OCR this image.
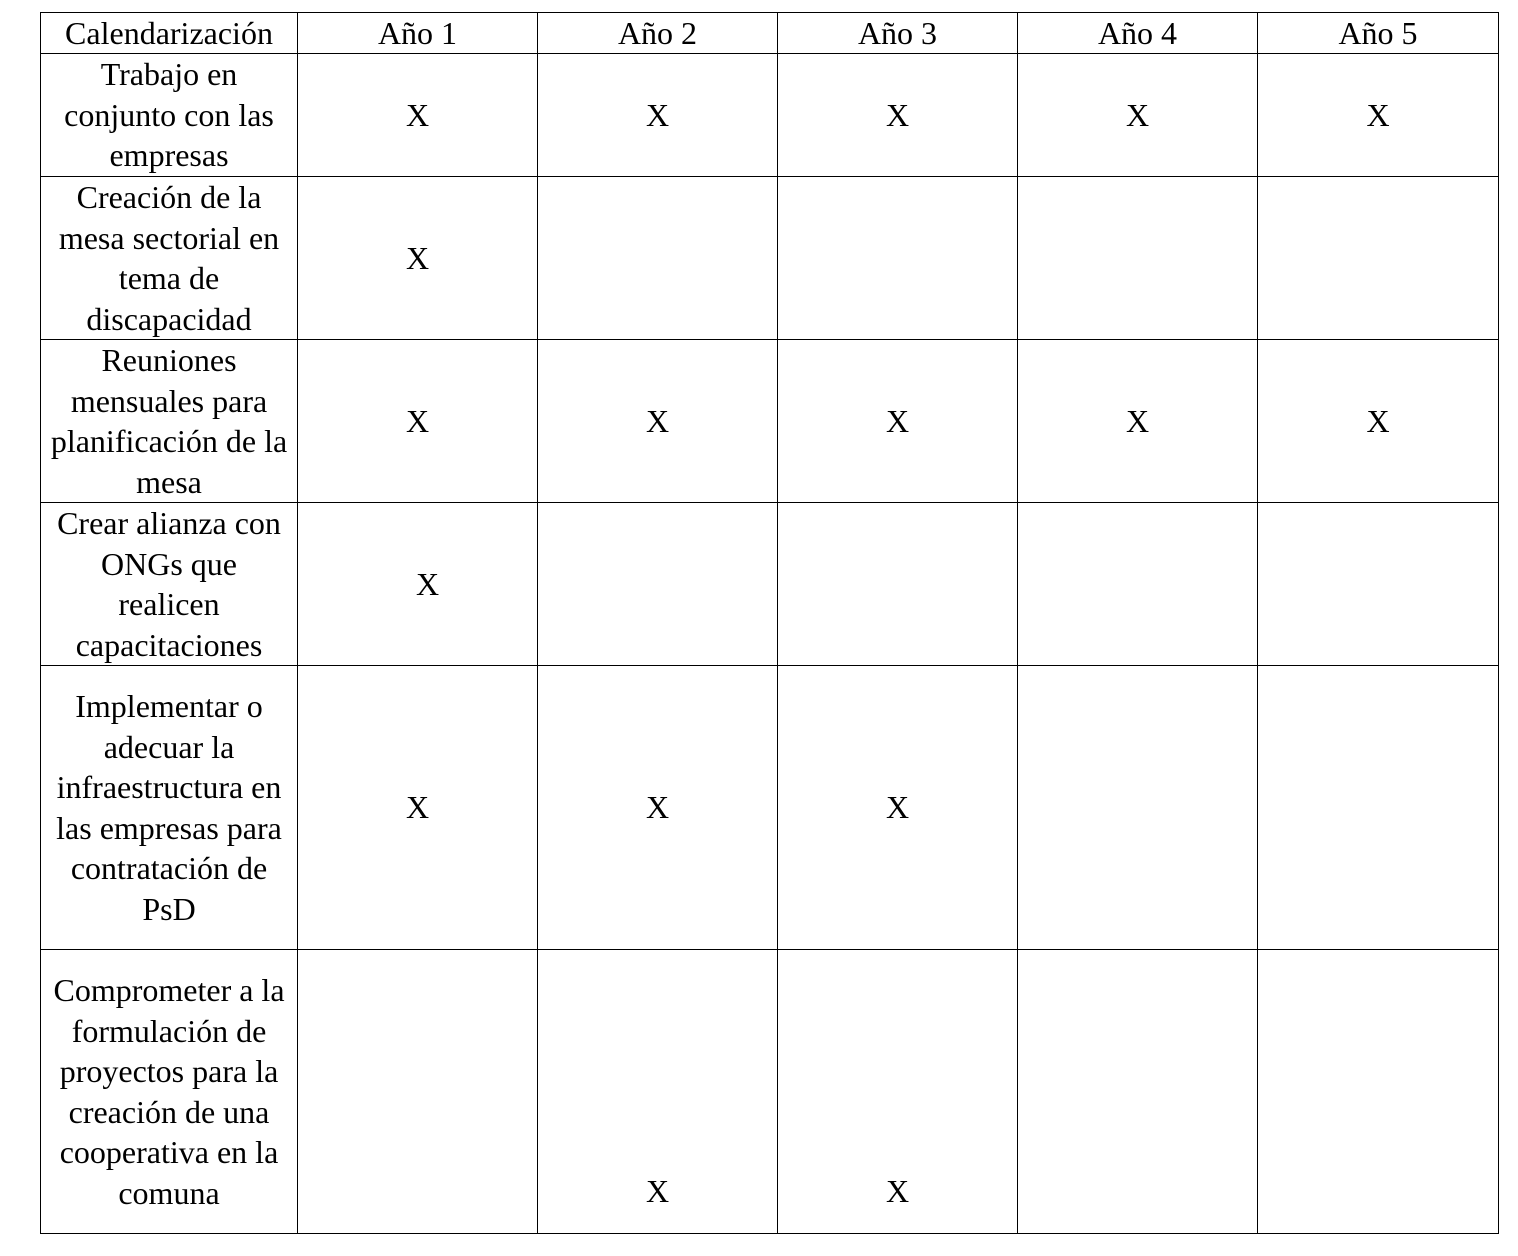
Calendarización	Año 1	Año 2	Año 3	Año 4	Año 5
Trabajo en conjunto con las empresas	X	X	X	X	X
Creación de la mesa sectorial en tema de discapacidad	X				
Reuniones mensuales para planificación de la mesa	X	X	X	X	X
Crear alianza con ONGs que realicen capacitaciones	X				
Implementar o adecuar la infraestructura en las empresas para contratación de PsD	X	X	X		
Comprometer a la formulación de proyectos para la creación de una cooperativa en la comuna		X	X		
